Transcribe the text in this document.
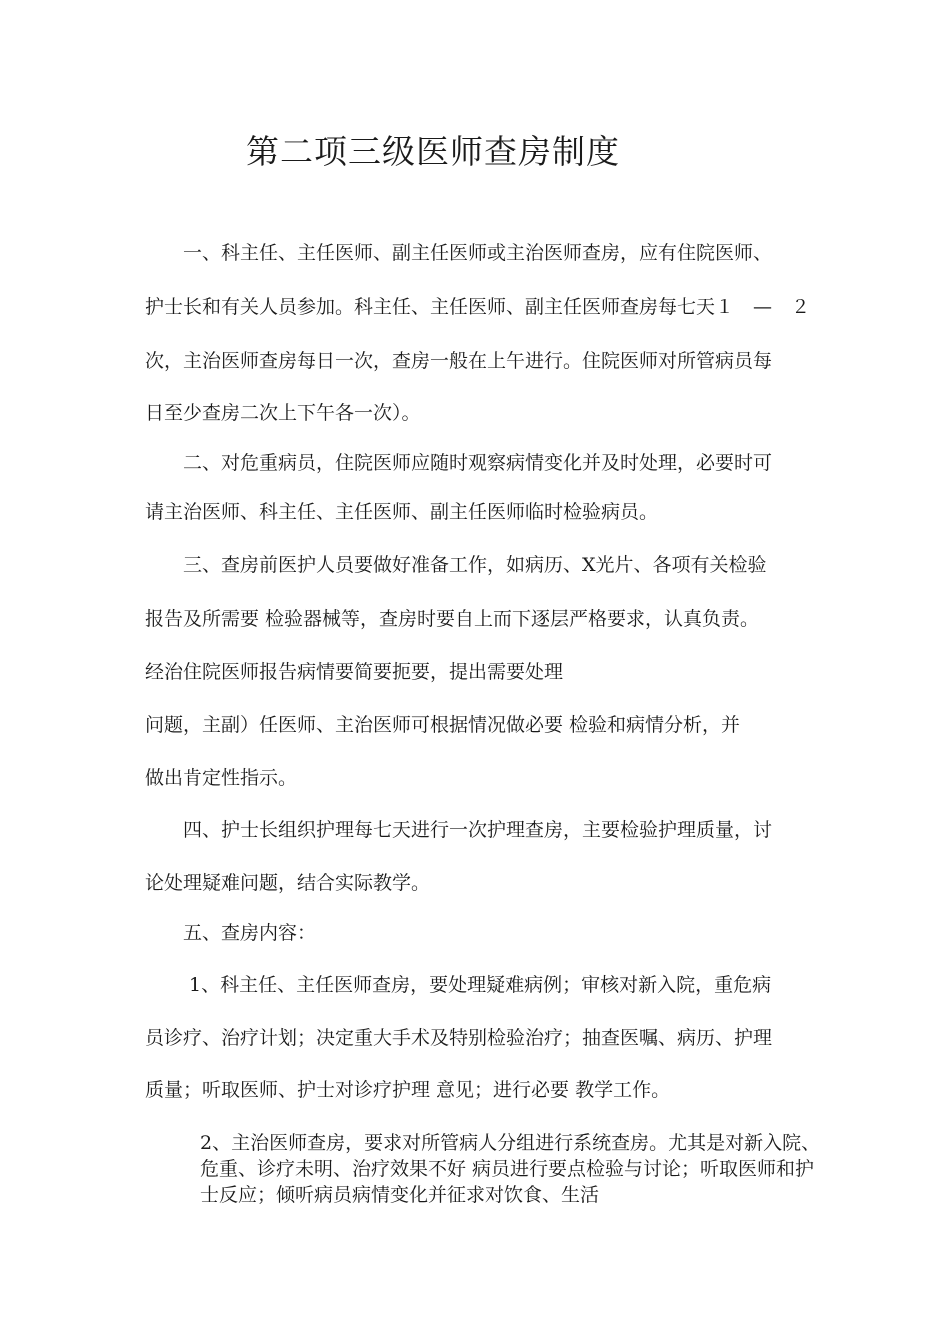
第二项三级医师查房制度
　　一、科主任、主任医师、副主任医师或主治医师查房，应有住院医师、
护士长和有关人员参加。科主任、主任医师、副主任医师查房每七天１　—　２
次，主治医师查房每日一次，查房一般在上午进行。住院医师对所管病员每
日至少查房二次上下午各一次）。
　　二、对危重病员，住院医师应随时观察病情变化并及时处理，必要时可
请主治医师、科主任、主任医师、副主任医师临时检验病员。
　　三、查房前医护人员要做好准备工作，如病历、X光片、各项有关检验
报告及所需要 检验器械等，查房时要自上而下逐层严格要求，认真负责。
经治住院医师报告病情要简要扼要，提出需要处理
问题，主副）任医师、主治医师可根据情况做必要 检验和病情分析，并
做出肯定性指示。
　　四、护士长组织护理每七天进行一次护理查房，主要检验护理质量，讨
论处理疑难问题，结合实际教学。
　　五、查房内容：
　　 1、科主任、主任医师查房，要处理疑难病例；审核对新入院，重危病
员诊疗、治疗计划；决定重大手术及特别检验治疗；抽查医嘱、病历、护理
质量；听取医师、护士对诊疗护理 意见；进行必要 教学工作。
2、主治医师查房，要求对所管病人分组进行系统查房。尤其是对新入院、危重、诊疗未明、治疗效果不好 病员进行要点检验与讨论；听取医师和护士反应；倾听病员病情变化并征求对饮食、生活
